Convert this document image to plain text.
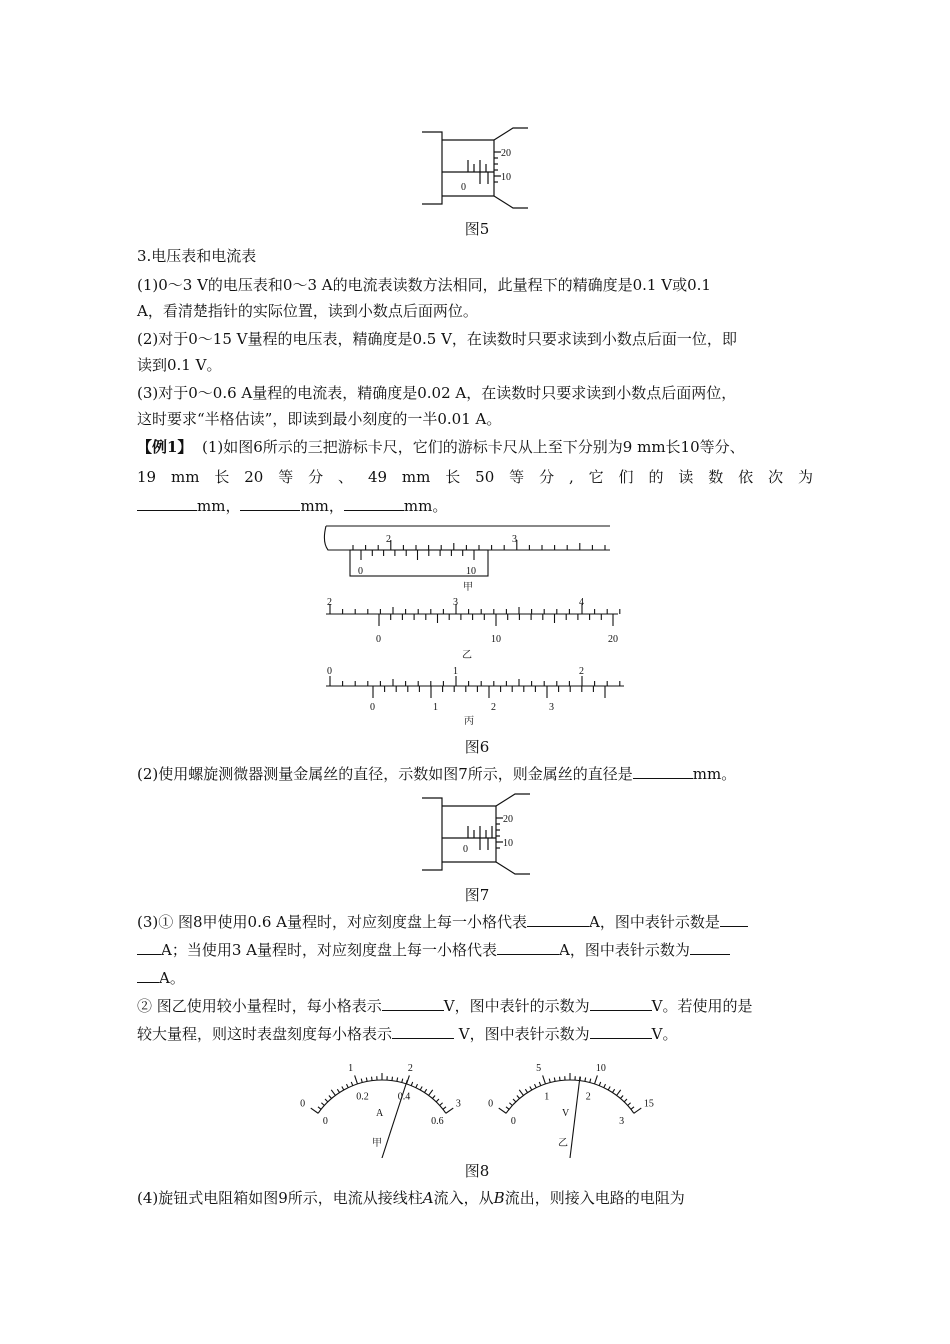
20
10
0
图5
3.电压表和电流表
(1)0～3 V的电压表和0～3 A的电流表读数方法相同，此量程下的精确度是0.1 V或0.1
A，看清楚指针的实际位置，读到小数点后面两位。
(2)对于0～15 V量程的电压表，精确度是0.5 V，在读数时只要求读到小数点后面一位，即
读到0.1 V。
(3)对于0～0.6 A量程的电流表，精确度是0.02 A，在读数时只要求读到小数点后面两位，
这时要求“半格估读”，即读到最小刻度的一半0.01 A。
【例1】 (1)如图6所示的三把游标卡尺，它们的游标卡尺从上至下分别为9 mm长10等分、
19 mm 长 20 等 分 、 49 mm 长 50 等 分 , 它 们 的 读 数 依 次 为
mm，	mm，	mm。
2	3
0	10
甲
2	3	4
0	10	20
乙
0	1	2
0	1	2	3
丙
图6
(2)使用螺旋测微器测量金属丝的直径，示数如图7所示，则金属丝的直径是	mm。
20
10
0
图7
(3)① 图8甲使用0.6 A量程时，对应刻度盘上每一小格代表	A，图中表针示数是
A；当使用3 A量程时，对应刻度盘上每一小格代表	A，图中表针示数为
A。
② 图乙使用较小量程时，每小格表示	V，图中表针的示数为	V。若使用的是
较大量程，则这时表盘刻度每小格表示	V，图中表针示数为	V。
0
1	2
3
0
0.2	0.4
0.6
0
5	10
15
0
1	2
3
A
甲
V
乙
图8
(4)旋钮式电阻箱如图9所示，电流从接线柱A流入，从B流出，则接入电路的电阻为
